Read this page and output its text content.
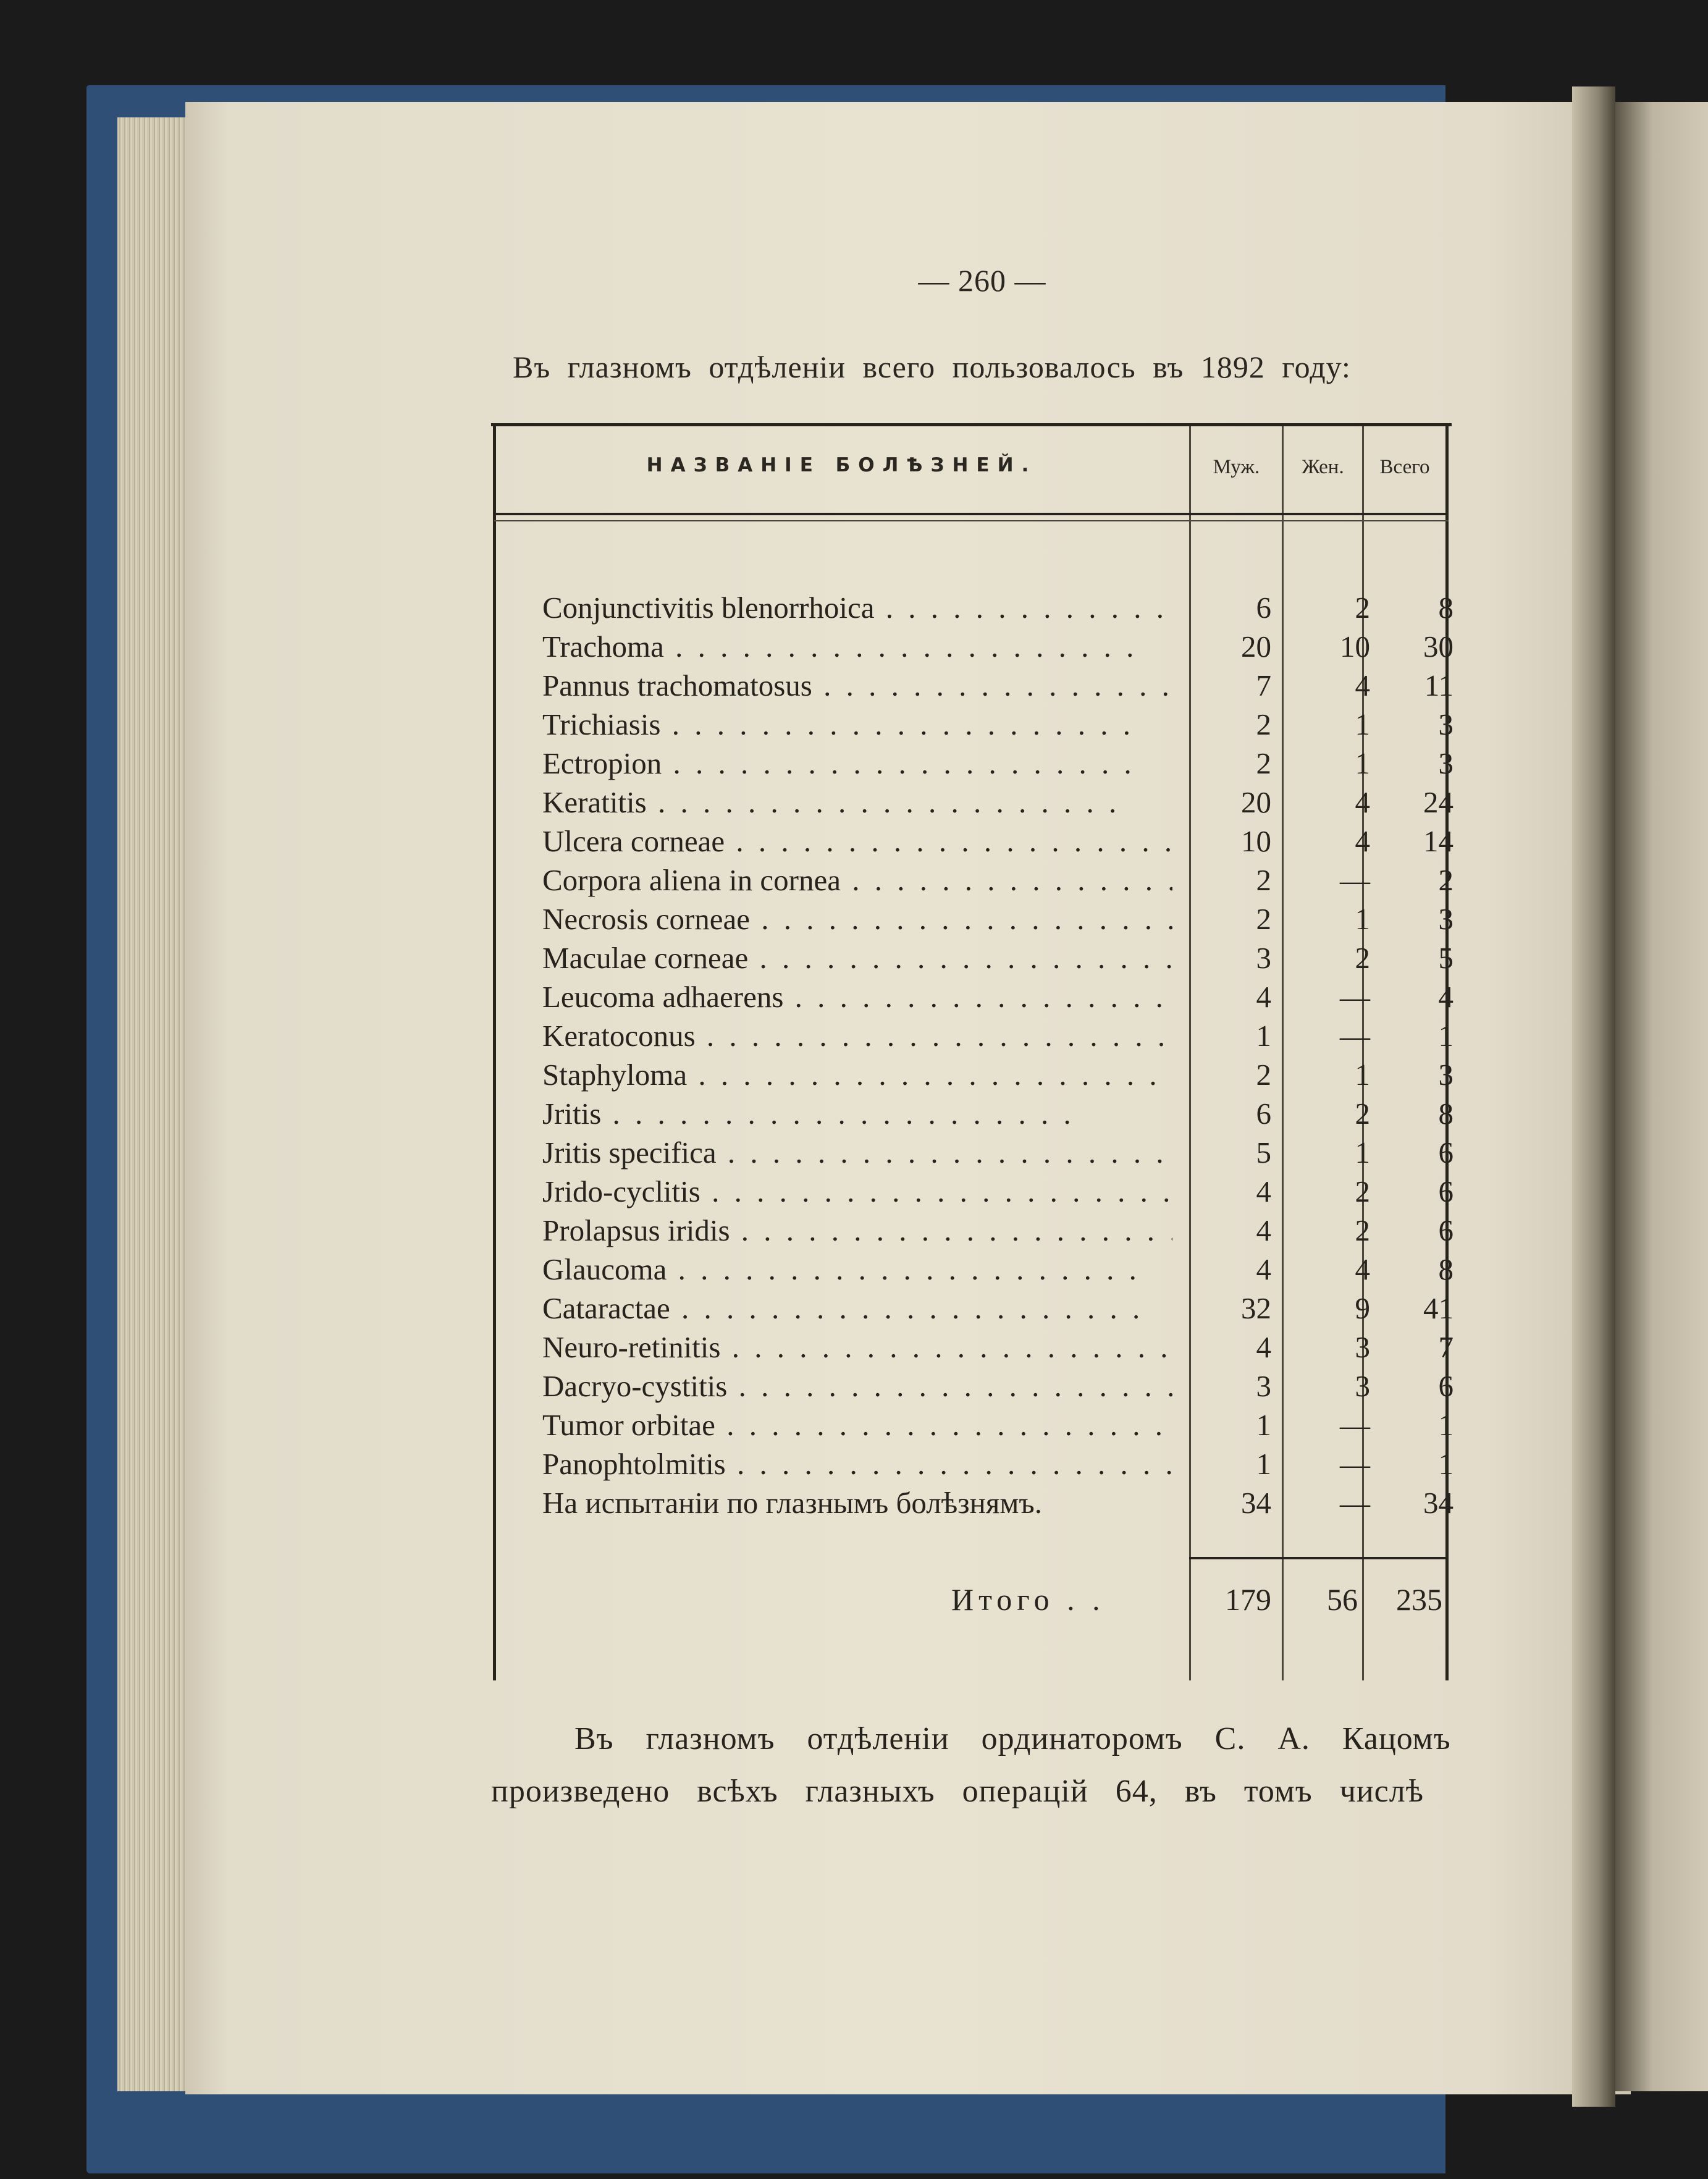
— 260 —
Въ глазномъ отдѣленіи всего пользовалось въ 1892 году:
НАЗВАНІЕ БОЛѢЗНЕЙ.	Муж.	Жен.	Всего
Conjunctivitis blenorrhoica . .	6	2	8
Trachoma . .	20	10	30
Pannus trachomatosus . .	7	4	11
Trichiasis . .	2	1	3
Ectropion . .	2	1	3
Keratitis . .	20	4	24
Ulcera corneae . .	10	4	14
Corpora aliena in cornea . .	2	—	2
Necrosis corneae . .	2	1	3
Maculae corneae . .	3	2	5
Leucoma adhaerens . .	4	—	4
Keratoconus . .	1	—	1
Staphyloma . .	2	1	3
Jritis . .	6	2	8
Jritis specifica . .	5	1	6
Jrido-cyclitis . .	4	2	6
Prolapsus iridis . .	4	2	6
Glaucoma . .	4	4	8
Cataractae . .	32	9	41
Neuro-retinitis . .	4	3	7
Dacryo-cystitis . .	3	3	6
Tumor orbitae . .	1	—	1
Panophtolmitis . .	1	—	1
На испытаніи по глазнымъ болѣзнямъ.	34	—	34
Итого . .	179	56	235
Въ глазномъ отдѣленіи ординаторомъ С. А. Кацомъ
произведено всѣхъ глазныхъ операцій 64, въ томъ числѣ
